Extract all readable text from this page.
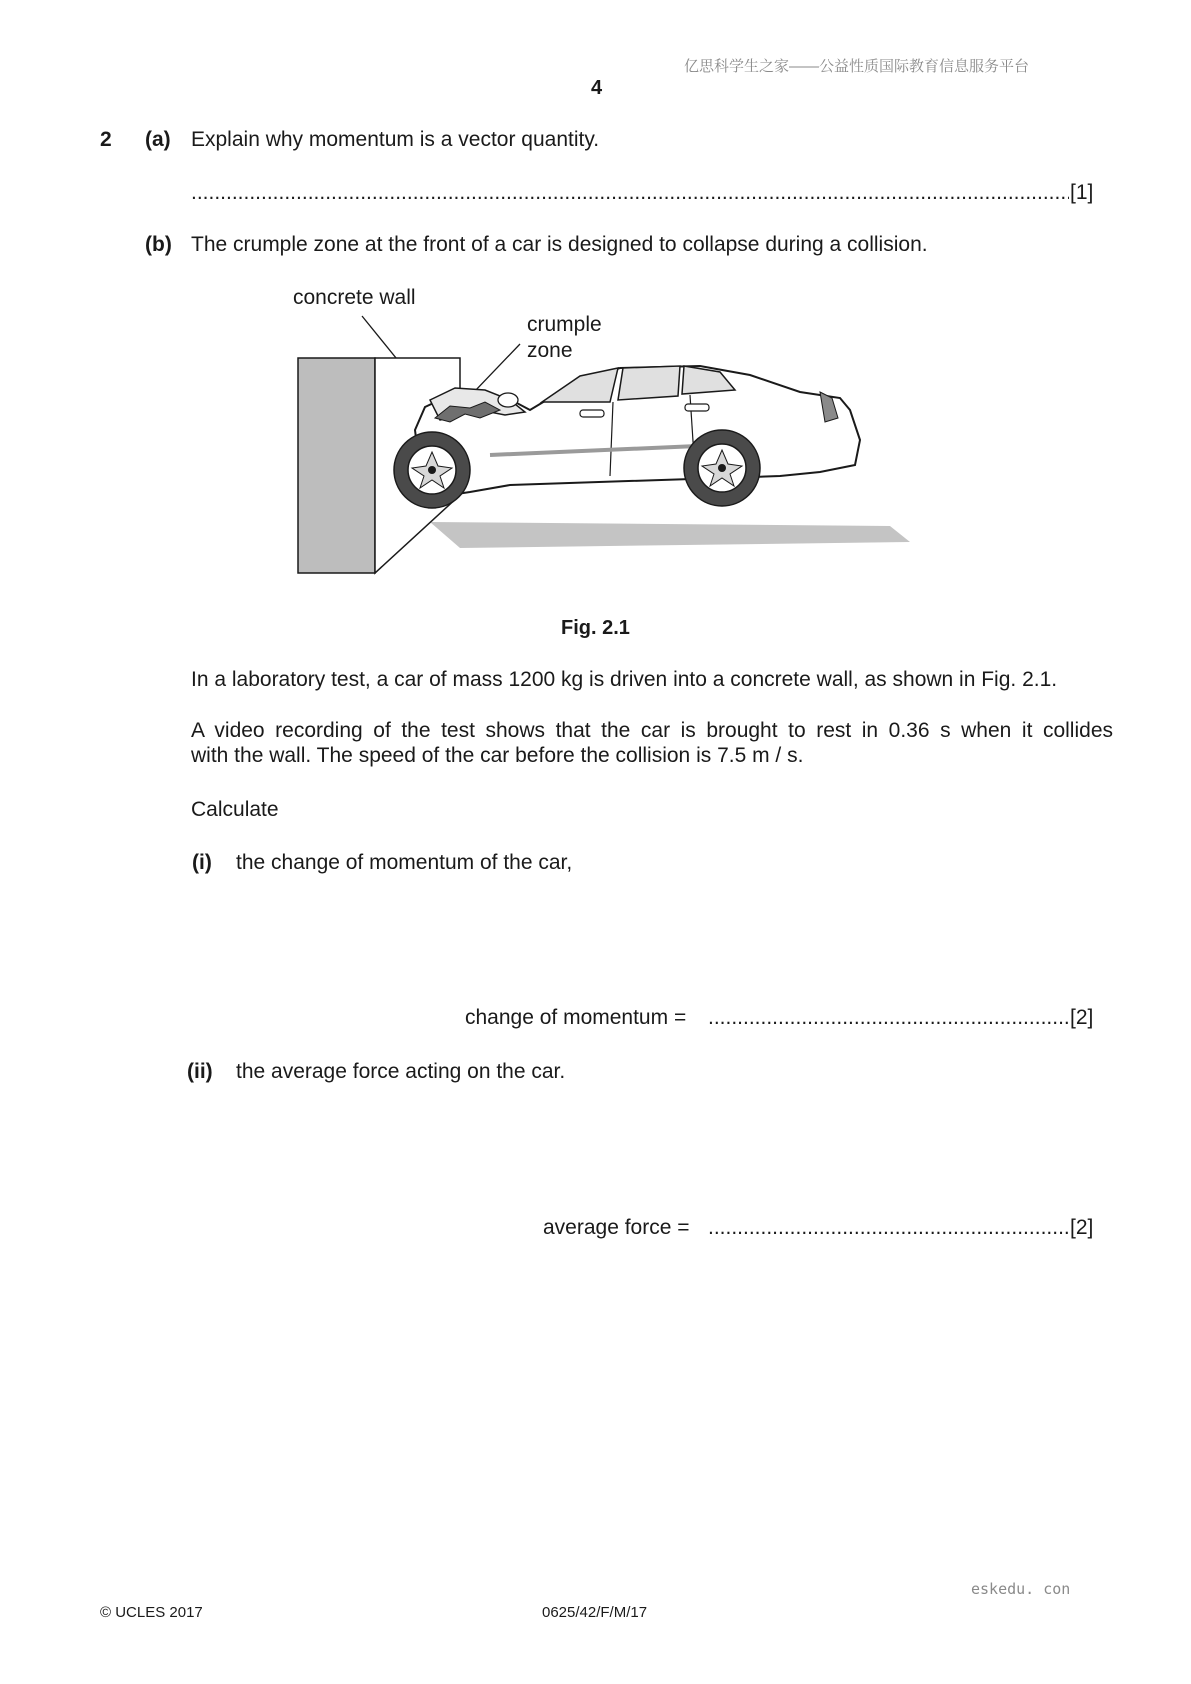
亿思科学生之家——公益性质国际教育信息服务平台
4
2 (a) Explain why momentum is a vector quantity.
.....
[1]
(b) The crumple zone at the front of a car is designed to collapse during a collision.
concrete wall
crumple
zone
Fig. 2.1
In a laboratory test, a car of mass 1200 kg is driven into a concrete wall, as shown in Fig. 2.1.
A video recording of the test shows that the car is brought to rest in 0.36 s when it collides
with the wall. The speed of the car before the collision is 7.5 m / s.
Calculate
(i) the change of momentum of the car,
change of momentum = .....	[2]
(ii) the average force acting on the car.
average force = .....	[2]
eskedu. con
© UCLES 2017	0625/42/F/M/17
